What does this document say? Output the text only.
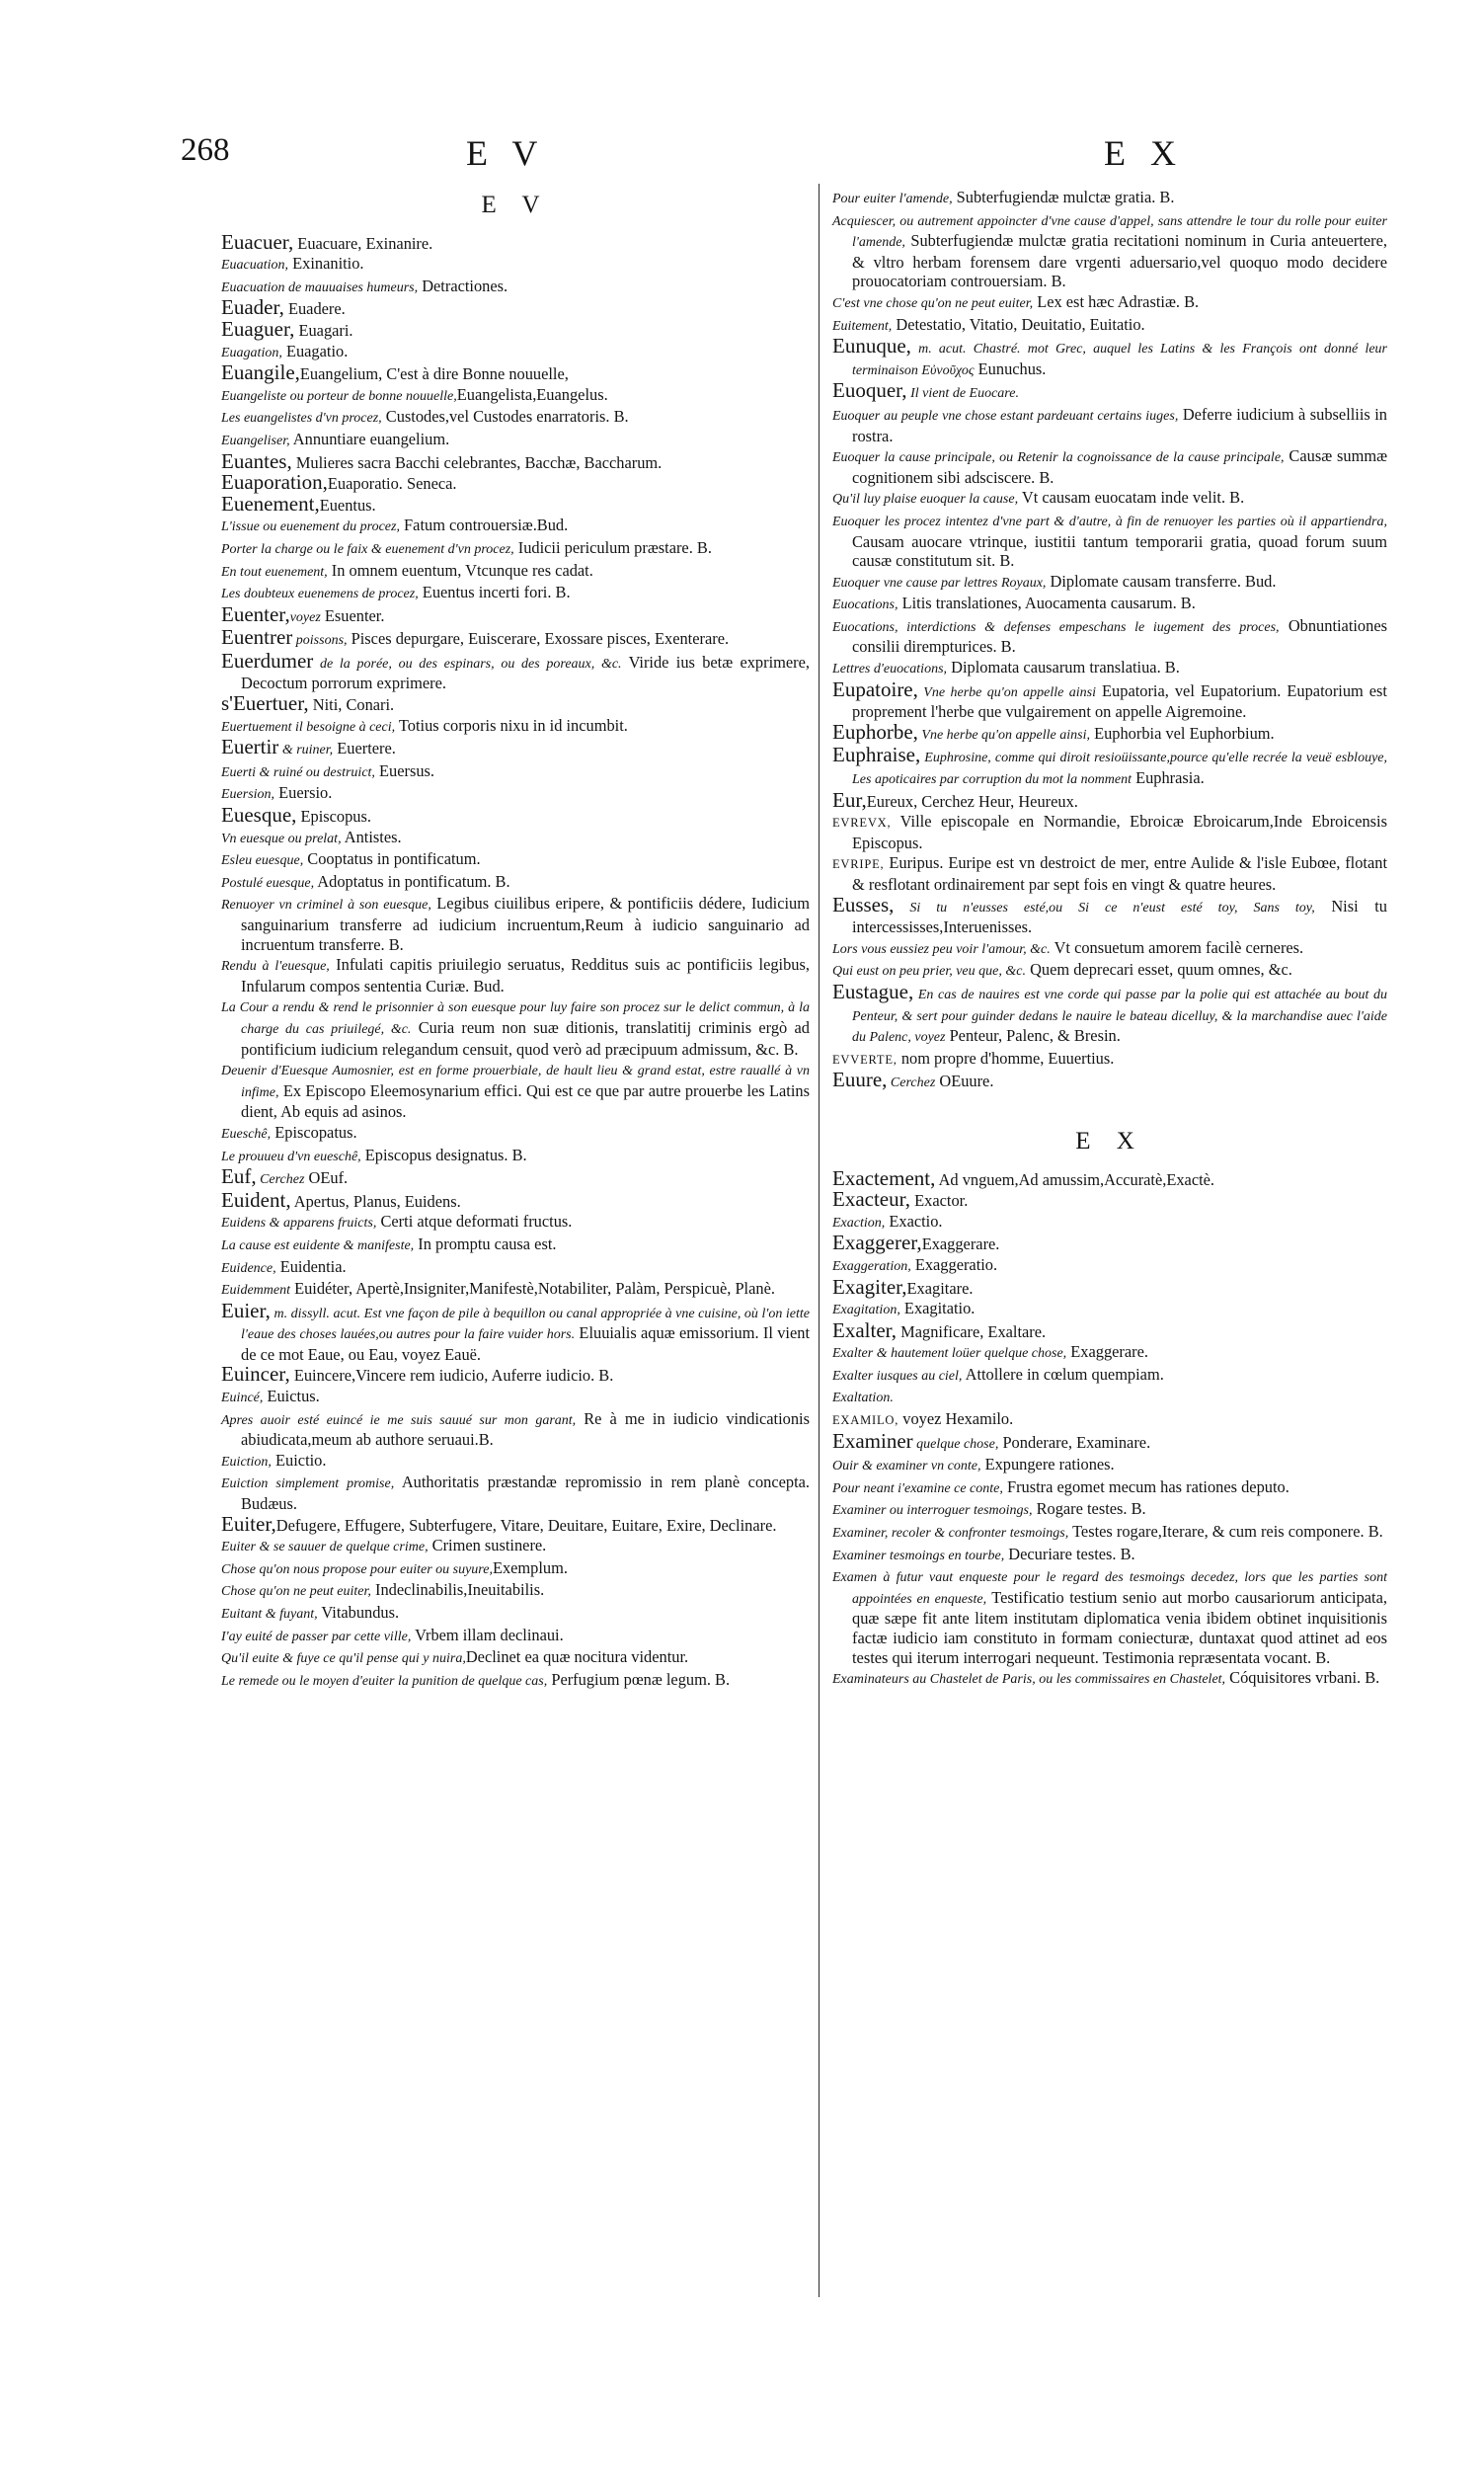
268	E V	E X
E V

Euacuer, Euacuare, Exinanire.

Euacuation, Exinanitio.

Euacuation de mauuaises humeurs, Detractiones.

Euader, Euadere.

Euaguer, Euagari.

Euagation, Euagatio.

Euangile,Euangelium, C'est à dire Bonne nouuelle,

Euangeliste ou porteur de bonne nouuelle,Euangelista,Euangelus.

Les euangelistes d'vn procez, Custodes,vel Custodes enarratoris. B.

Euangeliser, Annuntiare euangelium.

Euantes, Mulieres sacra Bacchi celebrantes, Bacchæ, Baccharum.

Euaporation,Euaporatio. Seneca.

Euenement,Euentus.

L'issue ou euenement du procez, Fatum controuersiæ.Bud.

Porter la charge ou le faix & euenement d'vn procez, Iudicii periculum præstare. B.

En tout euenement, In omnem euentum, Vtcunque res cadat.

Les doubteux euenemens de procez, Euentus incerti fori. B.

Euenter,voyez Esuenter.

Euentrer poissons, Pisces depurgare, Euiscerare, Exossare pisces, Exenterare.

Euerdumer de la porée, ou des espinars, ou des poreaux, &c. Viride ius betæ exprimere, Decoctum porrorum exprimere.

s'Euertuer, Niti, Conari.

Euertuement il besoigne à ceci, Totius corporis nixu in id incumbit.

Euertir & ruiner, Euertere.

Euerti & ruiné ou destruict, Euersus.

Euersion, Euersio.

Euesque, Episcopus.

Vn euesque ou prelat, Antistes.

Esleu euesque, Cooptatus in pontificatum.

Postulé euesque, Adoptatus in pontificatum. B.

Renuoyer vn criminel à son euesque, Legibus ciuilibus eripere, & pontificiis dédere, Iudicium sanguinarium transferre ad iudicium incruentum,Reum à iudicio sanguinario ad incruentum transferre. B.

Rendu à l'euesque, Infulati capitis priuilegio seruatus, Redditus suis ac pontificiis legibus, Infularum compos sententia Curiæ. Bud.

La Cour a rendu & rend le prisonnier à son euesque pour luy faire son procez sur le delict commun, à la charge du cas priuilegé, &c. Curia reum non suæ ditionis, translatitij criminis ergò ad pontificium iudicium relegandum censuit, quod verò ad præcipuum admissum, &c. B.

Deuenir d'Euesque Aumosnier, est en forme prouerbiale, de hault lieu & grand estat, estre rauallé à vn infime, Ex Episcopo Eleemosynarium effici. Qui est ce que par autre prouerbe les Latins dient, Ab equis ad asinos.

Eueschê, Episcopatus.

Le prouueu d'vn eueschê, Episcopus designatus. B.

Euf, Cerchez OEuf.

Euident, Apertus, Planus, Euidens.

Euidens & apparens fruicts, Certi atque deformati fructus.

La cause est euidente & manifeste, In promptu causa est.

Euidence, Euidentia.

Euidemment Euidéter, Apertè,Insigniter,Manifestè,Notabiliter, Palàm, Perspicuè, Planè.

Euier, m. dissyll. acut. Est vne façon de pile à bequillon ou canal appropriée à vne cuisine, où l'on iette l'eaue des choses lauées,ou autres pour la faire vuider hors. Eluuialis aquæ emissorium. Il vient de ce mot Eaue, ou Eau, voyez Eauë.

Euincer, Euincere,Vincere rem iudicio, Auferre iudicio. B.

Euincé, Euictus.

Apres auoir esté euincé ie me suis sauué sur mon garant, Re à me in iudicio vindicationis abiudicata,meum ab authore seruaui.B.

Euiction, Euictio.

Euiction simplement promise, Authoritatis præstandæ repromissio in rem planè concepta. Budæus.

Euiter,Defugere, Effugere, Subterfugere, Vitare, Deuitare, Euitare, Exire, Declinare.

Euiter & se sauuer de quelque crime, Crimen sustinere.

Chose qu'on nous propose pour euiter ou suyure,Exemplum.

Chose qu'on ne peut euiter, Indeclinabilis,Ineuitabilis.

Euitant & fuyant, Vitabundus.

I'ay euité de passer par cette ville, Vrbem illam declinaui.

Qu'il euite & fuye ce qu'il pense qui y nuira,Declinet ea quæ nocitura videntur.

Le remede ou le moyen d'euiter la punition de quelque cas, Perfugium pœnæ legum. B.

Pour euiter l'amende, Subterfugiendæ mulctæ gratia. B.

Acquiescer, ou autrement appoincter d'vne cause d'appel, sans attendre le tour du rolle pour euiter l'amende, Subterfugiendæ mulctæ gratia recitationi nominum in Curia anteuertere, & vltro herbam forensem dare vrgenti aduersario,vel quoquo modo decidere prouocatoriam controuersiam. B.

C'est vne chose qu'on ne peut euiter, Lex est hæc Adrastiæ. B.

Euitement, Detestatio, Vitatio, Deuitatio, Euitatio.

Eunuque, m. acut. Chastré. mot Grec, auquel les Latins & les François ont donné leur terminaison Εὐνοῦχος Eunuchus.

Euoquer, Il vient de Euocare.

Euoquer au peuple vne chose estant pardeuant certains iuges, Deferre iudicium à subselliis in rostra.

Euoquer la cause principale, ou Retenir la cognoissance de la cause principale, Causæ summæ cognitionem sibi adsciscere. B.

Qu'il luy plaise euoquer la cause, Vt causam euocatam inde velit. B.

Euoquer les procez intentez d'vne part & d'autre, à fin de renuoyer les parties où il appartiendra, Causam auocare vtrinque, iustitii tantum temporarii gratia, quoad forum suum causæ constitutum sit. B.

Euoquer vne cause par lettres Royaux, Diplomate causam transferre. Bud.

Euocations, Litis translationes, Auocamenta causarum. B.

Euocations, interdictions & defenses empeschans le iugement des proces, Obnuntiationes consilii dirempturices. B.

Lettres d'euocations, Diplomata causarum translatiua. B.

Eupatoire, Vne herbe qu'on appelle ainsi Eupatoria, vel Eupatorium. Eupatorium est proprement l'herbe que vulgairement on appelle Aigremoine.

Euphorbe, Vne herbe qu'on appelle ainsi, Euphorbia vel Euphorbium.

Euphraise, Euphrosine, comme qui diroit resioüissante,pource qu'elle recrée la veuë esblouye, Les apoticaires par corruption du mot la nomment Euphrasia.

Eur,Eureux, Cerchez Heur, Heureux.

EVREVX, Ville episcopale en Normandie, Ebroicæ Ebroicarum,Inde Ebroicensis Episcopus.

EVRIPE, Euripus. Euripe est vn destroict de mer, entre Aulide & l'isle Eubœe, flotant & resflotant ordinairement par sept fois en vingt & quatre heures.

Eusses, Si tu n'eusses esté,ou Si ce n'eust esté toy, Sans toy, Nisi tu intercessisses,Interuenisses.

Lors vous eussiez peu voir l'amour, &c. Vt consuetum amorem facilè cerneres.

Qui eust on peu prier, veu que, &c. Quem deprecari esset, quum omnes, &c.

Eustague, En cas de nauires est vne corde qui passe par la polie qui est attachée au bout du Penteur, & sert pour guinder dedans le nauire le bateau dicelluy, & la marchandise auec l'aide du Palenc, voyez Penteur, Palenc, & Bresin.

EVVERTE, nom propre d'homme, Euuertius.

Euure, Cerchez OEuure.

E X

Exactement, Ad vnguem,Ad amussim,Accuratè,Exactè.

Exacteur, Exactor.

Exaction, Exactio.

Exaggerer,Exaggerare.

Exaggeration, Exaggeratio.

Exagiter,Exagitare.

Exagitation, Exagitatio.

Exalter, Magnificare, Exaltare.

Exalter & hautement loüer quelque chose, Exaggerare.

Exalter iusques au ciel, Attollere in cœlum quempiam.

Exaltation.

EXAMILO, voyez Hexamilo.

Examiner quelque chose, Ponderare, Examinare.

Ouir & examiner vn conte, Expungere rationes.

Pour neant i'examine ce conte, Frustra egomet mecum has rationes deputo.

Examiner ou interroguer tesmoings, Rogare testes. B.

Examiner, recoler & confronter tesmoings, Testes rogare,Iterare, & cum reis componere. B.

Examiner tesmoings en tourbe, Decuriare testes. B.

Examen à futur vaut enqueste pour le regard des tesmoings decedez, lors que les parties sont appointées en enqueste, Testificatio testium senio aut morbo causariorum anticipata, quæ sæpe fit ante litem institutam diplomatica venia ibidem obtinet inquisitionis factæ iudicio iam constituto in formam coniecturæ, duntaxat quod attinet ad eos testes qui iterum interrogari nequeunt. Testimonia repræsentata vocant. B.

Examinateurs au Chastelet de Paris, ou les commissaires en Chastelet, Cóquisitores vrbani. B.
